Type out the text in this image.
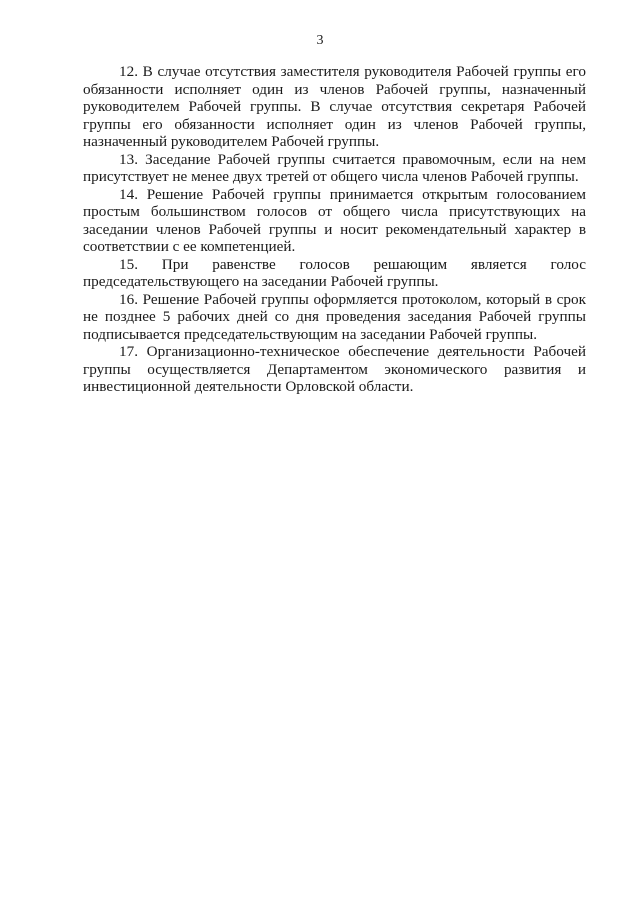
3

12. В случае отсутствия заместителя руководителя Рабочей группы его обязанности исполняет один из членов Рабочей группы, назначенный руководителем Рабочей группы. В случае отсутствия секретаря Рабочей группы его обязанности исполняет один из членов Рабочей группы, назначенный руководителем Рабочей группы.

13. Заседание Рабочей группы считается правомочным, если на нем присутствует не менее двух третей от общего числа членов Рабочей группы.

14. Решение Рабочей группы принимается открытым голосованием простым большинством голосов от общего числа присутствующих на заседании членов Рабочей группы и носит рекомендательный характер в соответствии с ее компетенцией.

15. При равенстве голосов решающим является голос председательствующего на заседании Рабочей группы.

16. Решение Рабочей группы оформляется протоколом, который в срок не позднее 5 рабочих дней со дня проведения заседания Рабочей группы подписывается председательствующим на заседании Рабочей группы.

17. Организационно-техническое обеспечение деятельности Рабочей группы осуществляется Департаментом экономического развития и инвестиционной деятельности Орловской области.
